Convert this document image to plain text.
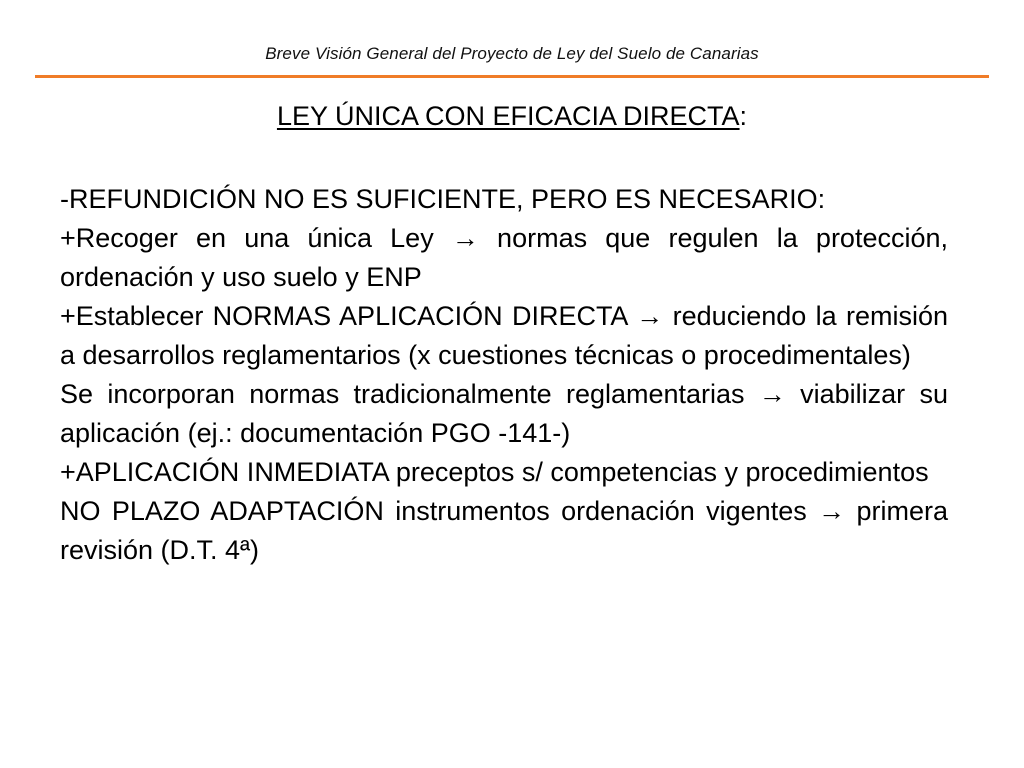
Breve Visión General del Proyecto de Ley del Suelo de Canarias
LEY ÚNICA CON EFICACIA DIRECTA:

-REFUNDICIÓN NO ES SUFICIENTE, PERO ES NECESARIO:

+Recoger en una única Ley → normas que regulen la protección, ordenación y uso suelo y ENP

+Establecer NORMAS APLICACIÓN DIRECTA → reduciendo la remisión a desarrollos reglamentarios (x cuestiones técnicas o procedimentales)

Se incorporan normas tradicionalmente reglamentarias → viabilizar su aplicación (ej.: documentación PGO -141-)

+APLICACIÓN INMEDIATA preceptos s/ competencias y procedimientos

NO PLAZO ADAPTACIÓN instrumentos ordenación vigentes → primera revisión (D.T. 4ª)
